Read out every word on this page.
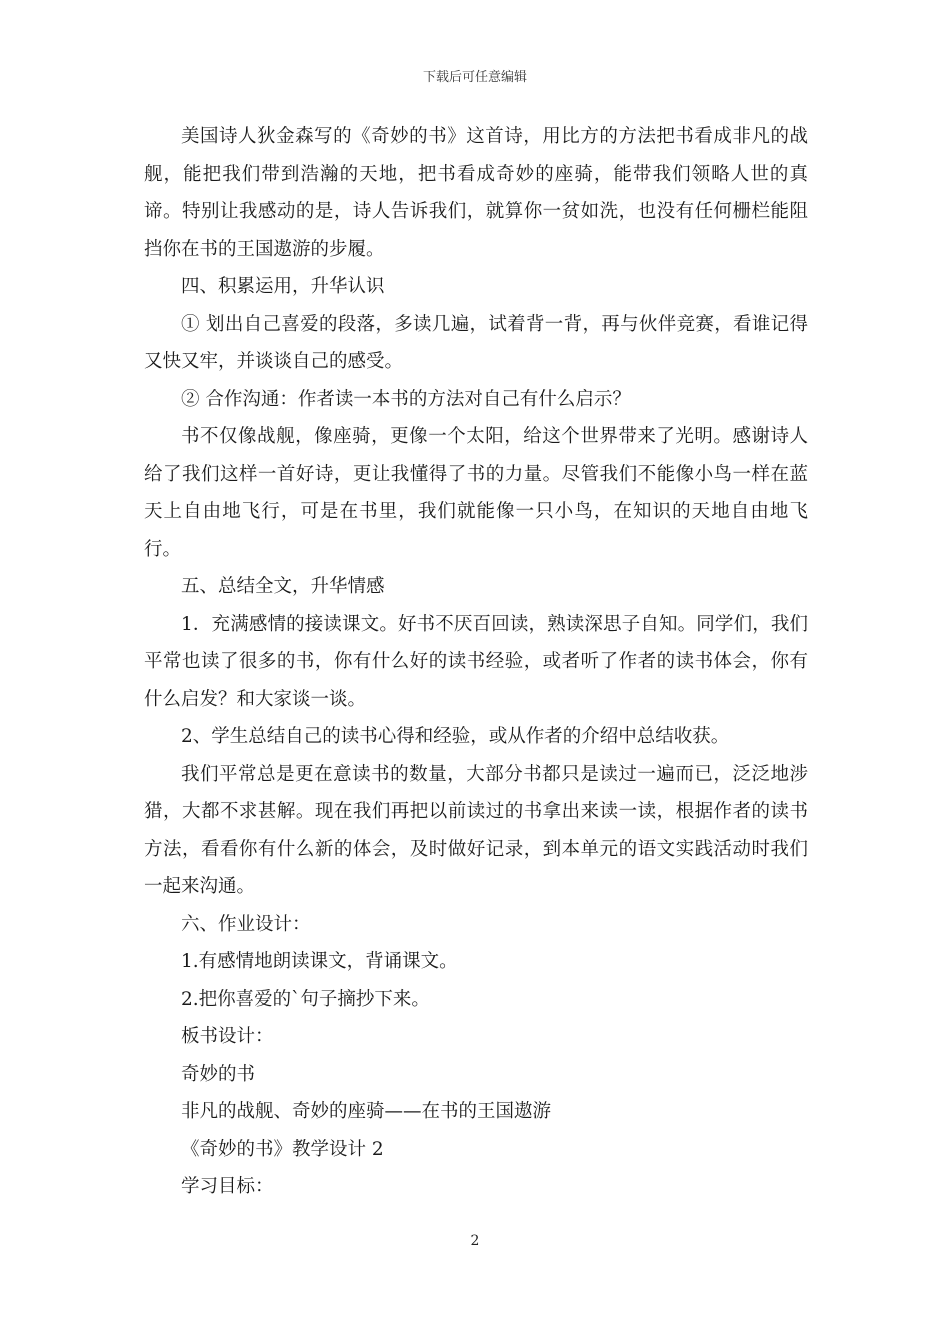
下载后可任意编辑

美国诗人狄金森写的《奇妙的书》这首诗，用比方的方法把书看成非凡的战舰，能把我们带到浩瀚的天地，把书看成奇妙的座骑，能带我们领略人世的真谛。特别让我感动的是，诗人告诉我们，就算你一贫如洗，也没有任何栅栏能阻挡你在书的王国遨游的步履。

四、积累运用，升华认识

① 划出自己喜爱的段落，多读几遍，试着背一背，再与伙伴竞赛，看谁记得又快又牢，并谈谈自己的感受。

② 合作沟通：作者读一本书的方法对自己有什么启示？

书不仅像战舰，像座骑，更像一个太阳，给这个世界带来了光明。感谢诗人给了我们这样一首好诗，更让我懂得了书的力量。尽管我们不能像小鸟一样在蓝天上自由地飞行，可是在书里，我们就能像一只小鸟，在知识的天地自由地飞行。

五、总结全文，升华情感

1．充满感情的接读课文。好书不厌百回读，熟读深思子自知。同学们，我们平常也读了很多的书，你有什么好的读书经验，或者听了作者的读书体会，你有什么启发？和大家谈一谈。

2、学生总结自己的读书心得和经验，或从作者的介绍中总结收获。

我们平常总是更在意读书的数量，大部分书都只是读过一遍而已，泛泛地涉猎，大都不求甚解。现在我们再把以前读过的书拿出来读一读，根据作者的读书方法，看看你有什么新的体会，及时做好记录，到本单元的语文实践活动时我们一起来沟通。

六、作业设计：

1.有感情地朗读课文，背诵课文。

2.把你喜爱的`句子摘抄下来。

板书设计：

奇妙的书

非凡的战舰、奇妙的座骑——在书的王国遨游

《奇妙的书》教学设计 2

学习目标：

2
